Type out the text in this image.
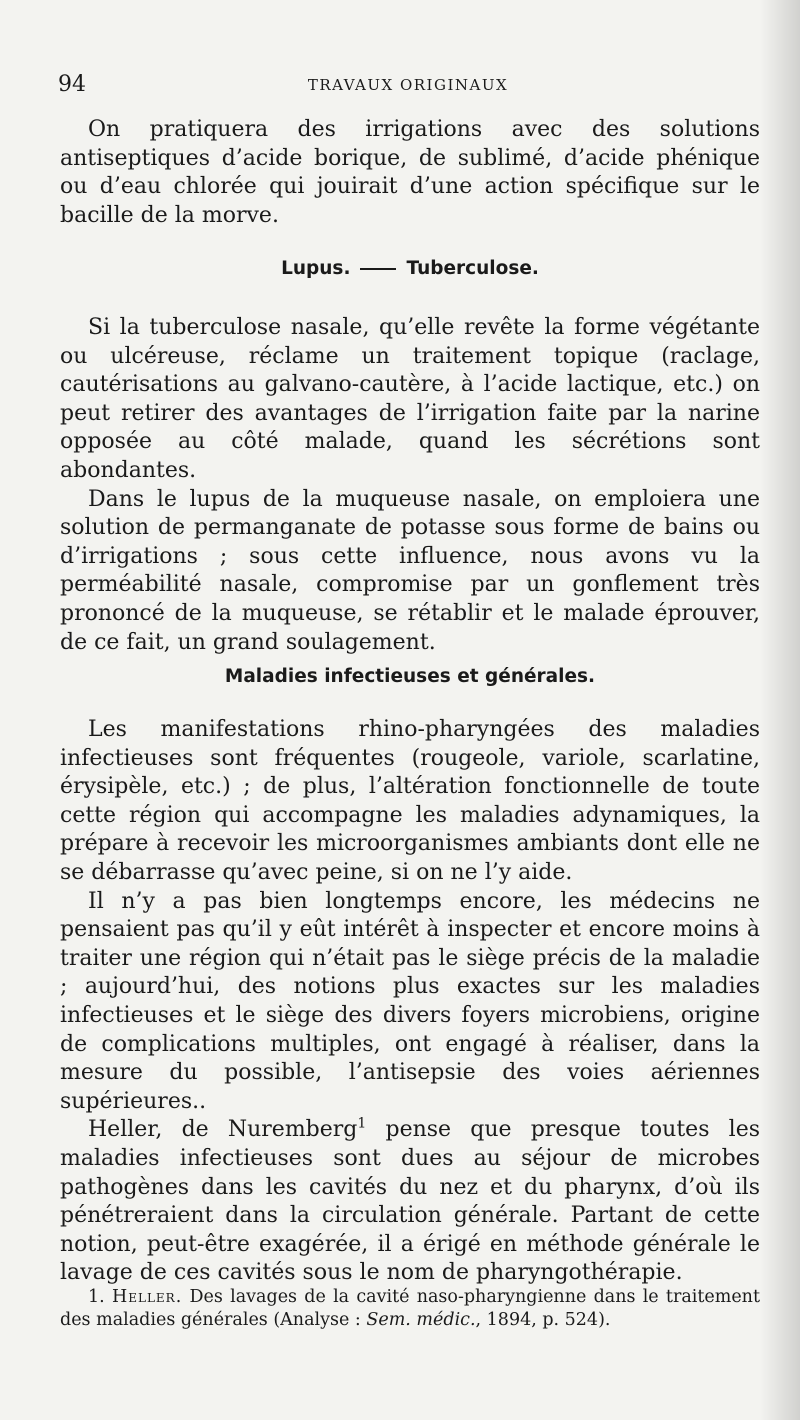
94	TRAVAUX ORIGINAUX

On pratiquera des irrigations avec des solutions antiseptiques d’acide borique, de sublimé, d’acide phénique ou d’eau chlorée qui jouirait d’une action spécifique sur le bacille de la morve.

Lupus.	Tuberculose.

Si la tuberculose nasale, qu’elle revête la forme végétante ou ulcéreuse, réclame un traitement topique (raclage, cautérisations au galvano-cautère, à l’acide lactique, etc.) on peut retirer des avantages de l’irrigation faite par la narine opposée au côté malade, quand les sécrétions sont abondantes.

Dans le lupus de la muqueuse nasale, on emploiera une solution de permanganate de potasse sous forme de bains ou d’irrigations ; sous cette influence, nous avons vu la perméabilité nasale, compromise par un gonflement très prononcé de la muqueuse, se rétablir et le malade éprouver, de ce fait, un grand soulagement.

Maladies infectieuses et générales.

Les manifestations rhino-pharyngées des maladies infectieuses sont fréquentes (rougeole, variole, scarlatine, érysipèle, etc.) ; de plus, l’altération fonctionnelle de toute cette région qui accompagne les maladies adynamiques, la prépare à recevoir les microorganismes ambiants dont elle ne se débarrasse qu’avec peine, si on ne l’y aide.

Il n’y a pas bien longtemps encore, les médecins ne pensaient pas qu’il y eût intérêt à inspecter et encore moins à traiter une région qui n’était pas le siège précis de la maladie ; aujourd’hui, des notions plus exactes sur les maladies infectieuses et le siège des divers foyers microbiens, origine de complications multiples, ont engagé à réaliser, dans la mesure du possible, l’antisepsie des voies aériennes supérieures..

Heller, de Nuremberg$^1$ pense que presque toutes les maladies infectieuses sont dues au séjour de microbes pathogènes dans les cavités du nez et du pharynx, d’où ils pénétreraient dans la circulation générale. Partant de cette notion, peut-être exagérée, il a érigé en méthode générale le lavage de ces cavités sous le nom de pharyngothérapie.

1. Heller. Des lavages de la cavité naso-pharyngienne dans le traitement des maladies générales (Analyse : Sem. médic., 1894, p. 524).
